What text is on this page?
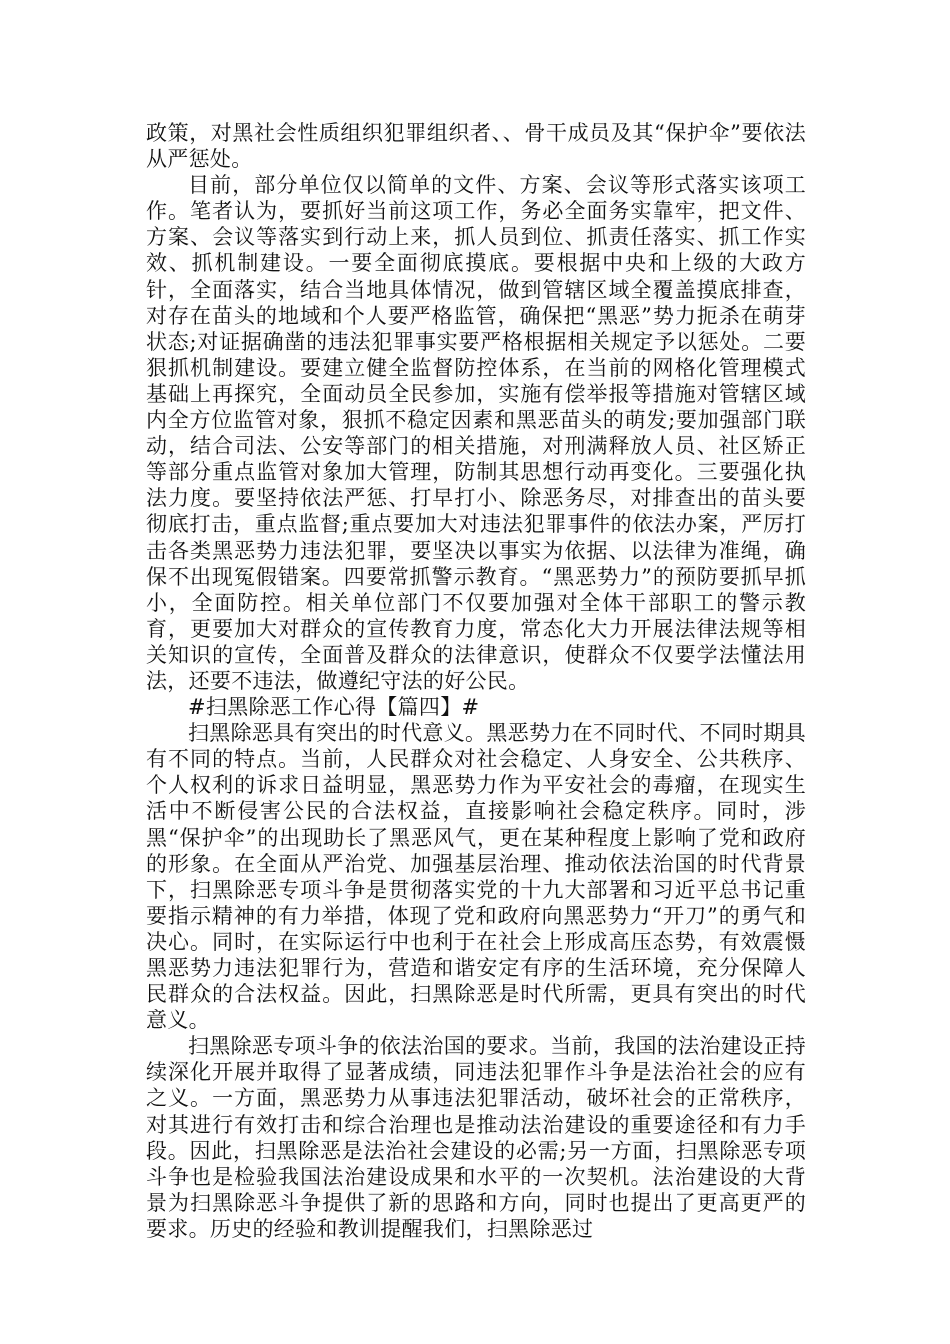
政策，对黑社会性质组织犯罪组织者、、骨干成员及其“保护伞”要依法从严惩处。

目前，部分单位仅以简单的文件、方案、会议等形式落实该项工作。笔者认为，要抓好当前这项工作，务必全面务实靠牢，把文件、方案、会议等落实到行动上来，抓人员到位、抓责任落实、抓工作实效、抓机制建设。一要全面彻底摸底。要根据中央和上级的大政方针，全面落实，结合当地具体情况，做到管辖区域全覆盖摸底排查，对存在苗头的地域和个人要严格监管，确保把“黑恶”势力扼杀在萌芽状态;对证据确凿的违法犯罪事实要严格根据相关规定予以惩处。二要狠抓机制建设。要建立健全监督防控体系，在当前的网格化管理模式基础上再探究，全面动员全民参加，实施有偿举报等措施对管辖区域内全方位监管对象，狠抓不稳定因素和黑恶苗头的萌发;要加强部门联动，结合司法、公安等部门的相关措施，对刑满释放人员、社区矫正等部分重点监管对象加大管理，防制其思想行动再变化。三要强化执法力度。要坚持依法严惩、打早打小、除恶务尽，对排查出的苗头要彻底打击，重点监督;重点要加大对违法犯罪事件的依法办案，严厉打击各类黑恶势力违法犯罪，要坚决以事实为依据、以法律为准绳，确保不出现冤假错案。四要常抓警示教育。“黑恶势力”的预防要抓早抓小，全面防控。相关单位部门不仅要加强对全体干部职工的警示教育，更要加大对群众的宣传教育力度，常态化大力开展法律法规等相关知识的宣传，全面普及群众的法律意识，使群众不仅要学法懂法用法，还要不违法，做遵纪守法的好公民。

#扫黑除恶工作心得【篇四】#

扫黑除恶具有突出的时代意义。黑恶势力在不同时代、不同时期具有不同的特点。当前，人民群众对社会稳定、人身安全、公共秩序、个人权利的诉求日益明显，黑恶势力作为平安社会的毒瘤，在现实生活中不断侵害公民的合法权益，直接影响社会稳定秩序。同时，涉黑“保护伞”的出现助长了黑恶风气，更在某种程度上影响了党和政府的形象。在全面从严治党、加强基层治理、推动依法治国的时代背景下，扫黑除恶专项斗争是贯彻落实党的十九大部署和习近平总书记重要指示精神的有力举措，体现了党和政府向黑恶势力“开刀”的勇气和决心。同时，在实际运行中也利于在社会上形成高压态势，有效震慑黑恶势力违法犯罪行为，营造和谐安定有序的生活环境，充分保障人民群众的合法权益。因此，扫黑除恶是时代所需，更具有突出的时代意义。

扫黑除恶专项斗争的依法治国的要求。当前，我国的法治建设正持续深化开展并取得了显著成绩，同违法犯罪作斗争是法治社会的应有之义。一方面，黑恶势力从事违法犯罪活动，破坏社会的正常秩序，对其进行有效打击和综合治理也是推动法治建设的重要途径和有力手段。因此，扫黑除恶是法治社会建设的必需;另一方面，扫黑除恶专项斗争也是检验我国法治建设成果和水平的一次契机。法治建设的大背景为扫黑除恶斗争提供了新的思路和方向，同时也提出了更高更严的要求。历史的经验和教训提醒我们，扫黑除恶过
